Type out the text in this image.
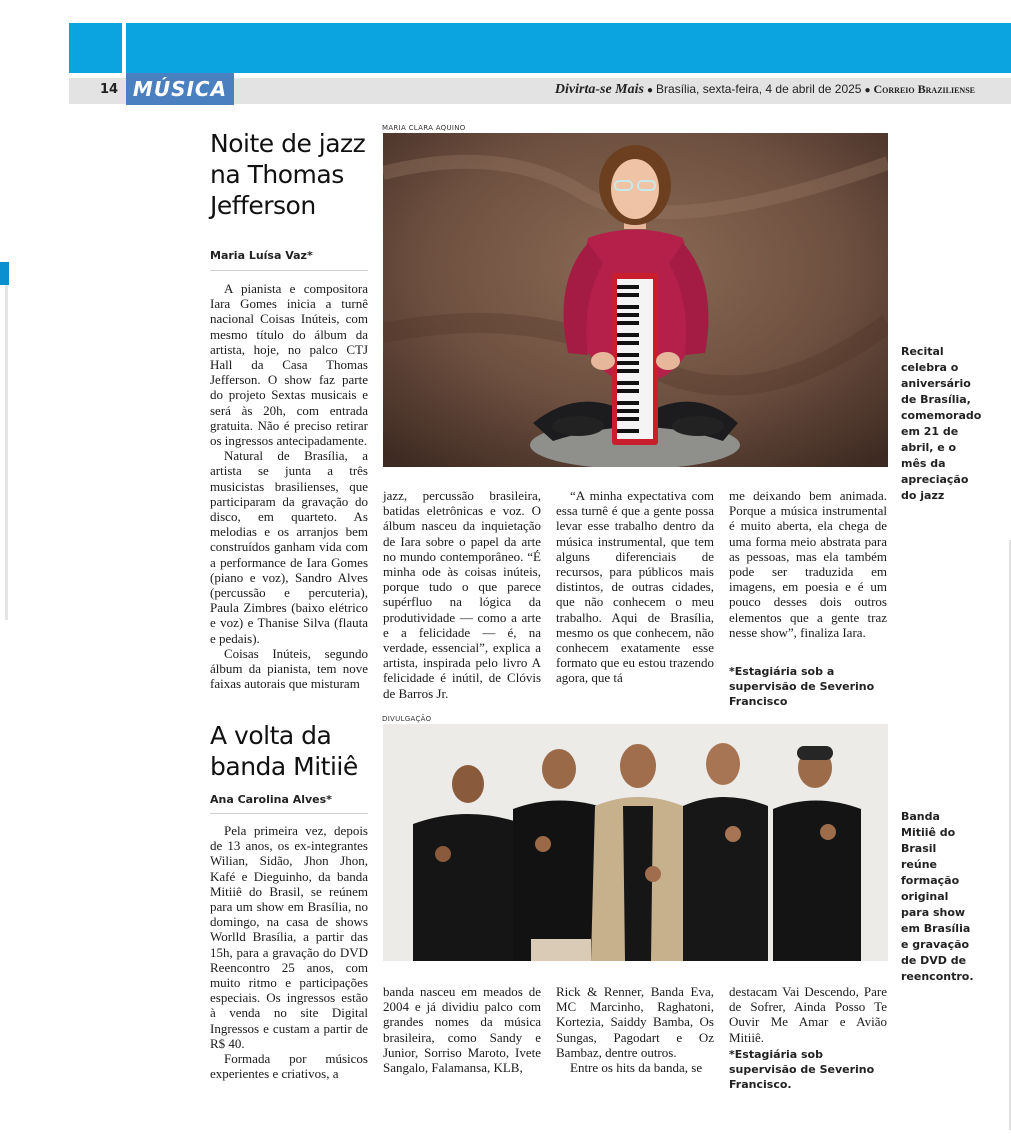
14 MÚSICA	Divirta-se Mais ● Brasília, sexta-feira, 4 de abril de 2025 ● Correio Braziliense
Noite de jazz
na Thomas
Jefferson
Maria Luísa Vaz*

A pianista e compositora Iara Gomes inicia a turnê nacional Coisas Inúteis, com mesmo título do álbum da artista, hoje, no palco CTJ Hall da Casa Thomas Jefferson. O show faz parte do projeto Sextas musicais e será às 20h, com entrada gratuita. Não é preciso retirar os ingressos antecipadamente.

Natural de Brasília, a artista se junta a três musicistas brasilienses, que participaram da gravação do disco, em quarteto. As melodias e os arranjos bem construídos ganham vida com a performance de Iara Gomes (piano e voz), Sandro Alves (percussão e percuteria), Paula Zimbres (baixo elétrico e voz) e Thanise Silva (flauta e pedais).

Coisas Inúteis, segundo álbum da pianista, tem nove faixas autorais que misturam

MARIA CLARA AQUINO

jazz, percussão brasileira, batidas eletrônicas e voz. O álbum nasceu da inquietação de Iara sobre o papel da arte no mundo contemporâneo. “É minha ode às coisas inúteis, porque tudo o que parece supérfluo na lógica da produtividade — como a arte e a felicidade — é, na verdade, essencial”, explica a artista, inspirada pelo livro A felicidade é inútil, de Clóvis de Barros Jr.

“A minha expectativa com essa turnê é que a gente possa levar esse trabalho dentro da música instrumental, que tem alguns diferenciais de recursos, para públicos mais distintos, de outras cidades, que não conhecem o meu trabalho. Aqui de Brasília, mesmo os que conhecem, não conhecem exatamente esse formato que eu estou trazendo agora, que tá

me deixando bem animada. Porque a música instrumental é muito aberta, ela chega de uma forma meio abstrata para as pessoas, mas ela também pode ser traduzida em imagens, em poesia e é um pouco desses dois outros elementos que a gente traz nesse show”, finaliza Iara.

*Estagiária sob a supervisão de Severino Francisco
Recital celebra o aniversário de Brasília, comemorado em 21 de abril, e o mês da apreciação do jazz
A volta da
banda Mitiiê
Ana Carolina Alves*

Pela primeira vez, depois de 13 anos, os ex-integrantes Wilian, Sidão, Jhon Jhon, Kafé e Dieguinho, da banda Mitiiê do Brasil, se reúnem para um show em Brasília, no domingo, na casa de shows Worlld Brasília, a partir das 15h, para a gravação do DVD Reencontro 25 anos, com muito ritmo e participações especiais. Os ingressos estão à venda no site Digital Ingressos e custam a partir de R$ 40.

Formada por músicos experientes e criativos, a

DIVULGAÇÃO

banda nasceu em meados de 2004 e já dividiu palco com grandes nomes da música brasileira, como Sandy e Junior, Sorriso Maroto, Ivete Sangalo, Falamansa, KLB,

Rick & Renner, Banda Eva, MC Marcinho, Raghatoni, Kortezia, Saiddy Bamba, Os Sungas, Pagodart e Oz Bambaz, dentre outros.

Entre os hits da banda, se

destacam Vai Descendo, Pare de Sofrer, Ainda Posso Te Ouvir Me Amar e Avião Mitiiê.

*Estagiária sob supervisão de Severino Francisco.
Banda Mitiiê do Brasil reúne formação original para show em Brasília e gravação de DVD de reencontro.
